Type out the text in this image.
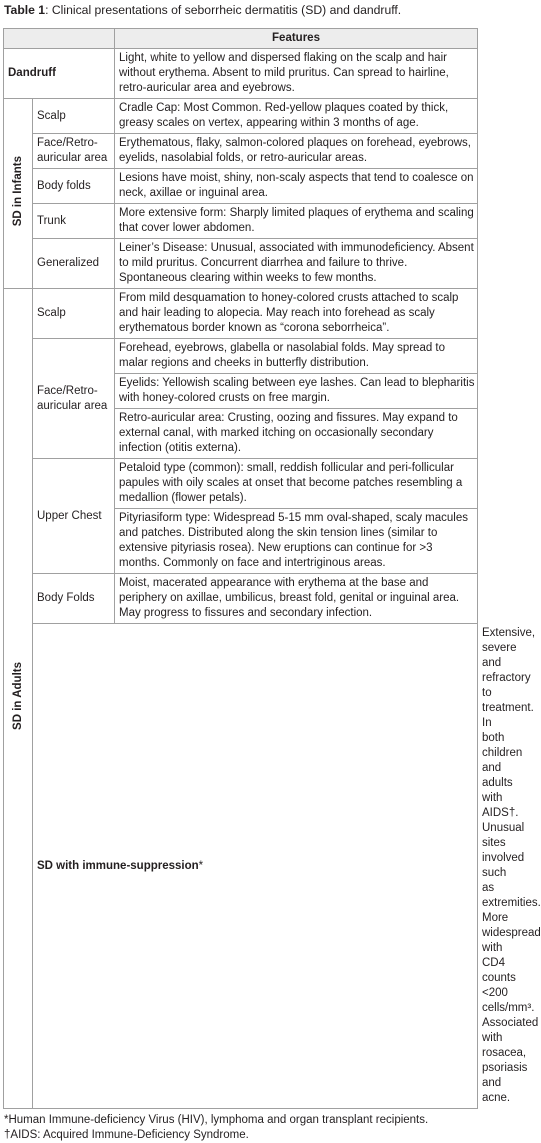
Table 1: Clinical presentations of seborrheic dermatitis (SD) and dandruff.
		Features	
Dandruff		Light, white to yellow and dispersed flaking on the scalp and hair without erythema. Absent to mild pruritus. Can spread to hairline, retro-auricular area and eyebrows.	
SD in Infants	Scalp	Cradle Cap: Most Common. Red-yellow plaques coated by thick, greasy scales on vertex, appearing within 3 months of age.	
	Face/Retro-auricular area	Erythematous, flaky, salmon-colored plaques on forehead, eyebrows, eyelids, nasolabial folds, or retro-auricular areas.	
	Body folds	Lesions have moist, shiny, non-scaly aspects that tend to coalesce on neck, axillae or inguinal area.	
	Trunk	More extensive form: Sharply limited plaques of erythema and scaling that cover lower abdomen.	
	Generalized	Leiner’s Disease: Unusual, associated with immunodeficiency. Absent to mild pruritus. Concurrent diarrhea and failure to thrive. Spontaneous clearing within weeks to few months.	
SD in Adults	Scalp	From mild desquamation to honey-colored crusts attached to scalp and hair leading to alopecia. May reach into forehead as scaly erythematous border known as “corona seborrheica”.	
	Face/Retro-auricular area	Forehead, eyebrows, glabella or nasolabial folds. May spread to malar regions and cheeks in butterfly distribution.	
		Eyelids: Yellowish scaling between eye lashes. Can lead to blepharitis with honey-colored crusts on free margin.	
		Retro-auricular area: Crusting, oozing and fissures. May expand to external canal, with marked itching on occasionally secondary infection (otitis externa).	
	Upper Chest	Petaloid type (common): small, reddish follicular and peri-follicular papules with oily scales at onset that become patches resembling a medallion (flower petals).	
		Pityriasiform type: Widespread 5-15 mm oval-shaped, scaly macules and patches. Distributed along the skin tension lines (similar to extensive pityriasis rosea). New eruptions can continue for >3 months. Commonly on face and intertriginous areas.	
	Body Folds	Moist, macerated appearance with erythema at the base and periphery on axillae, umbilicus, breast fold, genital or inguinal area. May progress to fissures and secondary infection.	
	SD with immune-suppression*		Extensive, severe and refractory to treatment. In both children and adults with AIDS†. Unusual sites involved such as extremities. More widespread with CD4 counts <200 cells/mm³. Associated with rosacea, psoriasis and acne.
*Human Immune-deficiency Virus (HIV), lymphoma and organ transplant recipients.
†AIDS: Acquired Immune-Deficiency Syndrome.
